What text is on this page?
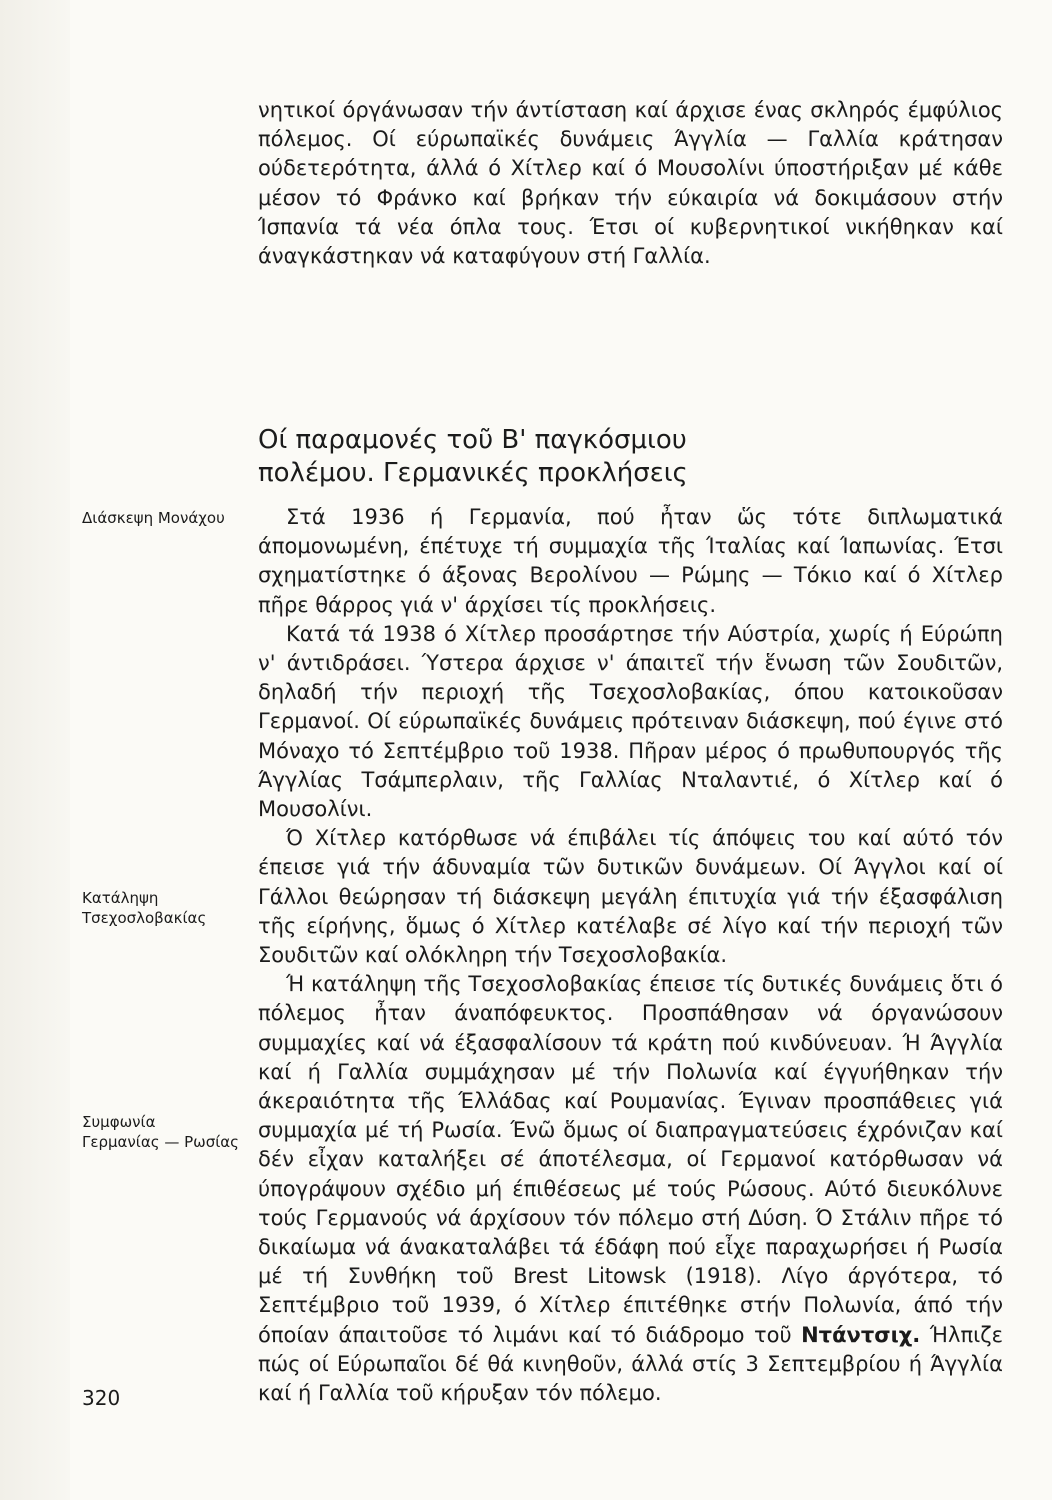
νητικοί όργάνωσαν τήν άντίσταση καί άρχισε ένας σκληρός έμφύλιος πόλεμος. Οί εύρωπαϊκές δυνάμεις Άγγλία — Γαλλία κράτησαν ούδετερότητα, άλλά ό Χίτλερ καί ό Μουσολίνι ύποστήριξαν μέ κάθε μέσον τό Φράνκο καί βρήκαν τήν εύκαιρία νά δοκιμάσουν στήν Ίσπανία τά νέα όπλα τους. Έτσι οί κυβερνητικοί νικήθηκαν καί άναγκάστηκαν νά καταφύγουν στή Γαλλία.

Οί παραμονές τοῦ Β' παγκόσμιου
πολέμου. Γερμανικές προκλήσεις

Στά 1936 ή Γερμανία, πού ἦταν ὥς τότε διπλωματικά άπομονωμένη, έπέτυχε τή συμμαχία τῆς Ίταλίας καί Ίαπωνίας. Έτσι σχηματίστηκε ό άξονας Βερολίνου — Ρώμης — Τόκιο καί ό Χίτλερ πῆρε θάρρος γιά ν' άρχίσει τίς προκλήσεις.

Κατά τά 1938 ό Χίτλερ προσάρτησε τήν Αύστρία, χωρίς ή Εύρώπη ν' άντιδράσει. Ύστερα άρχισε ν' άπαιτεῖ τήν ἕνωση τῶν Σουδιτῶν, δηλαδή τήν περιοχή τῆς Τσεχοσλοβακίας, όπου κατοικοῦσαν Γερμανοί. Οί εύρωπαϊκές δυνάμεις πρότειναν διάσκεψη, πού έγινε στό Μόναχο τό Σεπτέμβριο τοῦ 1938. Πῆραν μέρος ό πρωθυπουργός τῆς Άγγλίας Τσάμπερλαιν, τῆς Γαλλίας Νταλαντιέ, ό Χίτλερ καί ό Μουσολίνι.

Ό Χίτλερ κατόρθωσε νά έπιβάλει τίς άπόψεις του καί αύτό τόν έπεισε γιά τήν άδυναμία τῶν δυτικῶν δυνάμεων. Οί Άγγλοι καί οί Γάλλοι θεώρησαν τή διάσκεψη μεγάλη έπιτυχία γιά τήν έξασφάλιση τῆς είρήνης, ὅμως ό Χίτλερ κατέλαβε σέ λίγο καί τήν περιοχή τῶν Σουδιτῶν καί ολόκληρη τήν Τσεχοσλοβακία.

Ή κατάληψη τῆς Τσεχοσλοβακίας έπεισε τίς δυτικές δυνάμεις ὅτι ό πόλεμος ἦταν άναπόφευκτος. Προσπάθησαν νά όργανώσουν συμμαχίες καί νά έξασφαλίσουν τά κράτη πού κινδύνευαν. Ή Άγγλία καί ή Γαλλία συμμάχησαν μέ τήν Πολωνία καί έγγυήθηκαν τήν άκεραιότητα τῆς Έλλάδας καί Ρουμανίας. Έγιναν προσπάθειες γιά συμμαχία μέ τή Ρωσία. Ένῶ ὅμως οί διαπραγματεύσεις έχρόνιζαν καί δέν εἶχαν καταλήξει σέ άποτέλεσμα, οί Γερμανοί κατόρθωσαν νά ύπογράψουν σχέδιο μή έπιθέσεως μέ τούς Ρώσους. Αύτό διευκόλυνε τούς Γερμανούς νά άρχίσουν τόν πόλεμο στή Δύση. Ό Στάλιν πῆρε τό δικαίωμα νά άνακαταλάβει τά έδάφη πού εἶχε παραχωρήσει ή Ρωσία μέ τή Συνθήκη τοῦ Brest Litowsk (1918). Λίγο άργότερα, τό Σεπτέμβριο τοῦ 1939, ό Χίτλερ έπιτέθηκε στήν Πολωνία, άπό τήν όποίαν άπαιτοῦσε τό λιμάνι καί τό διάδρομο τοῦ Ντάντσιχ. Ήλπιζε πώς οί Εύρωπαῖοι δέ θά κινηθοῦν, άλλά στίς 3 Σεπτεμβρίου ή Άγγλία καί ή Γαλλία τοῦ κήρυξαν τόν πόλεμο.

Διάσκεψη Μονάχου
Κατάληψη
Τσεχοσλοβακίας
Συμφωνία
Γερμανίας — Ρωσίας
320
